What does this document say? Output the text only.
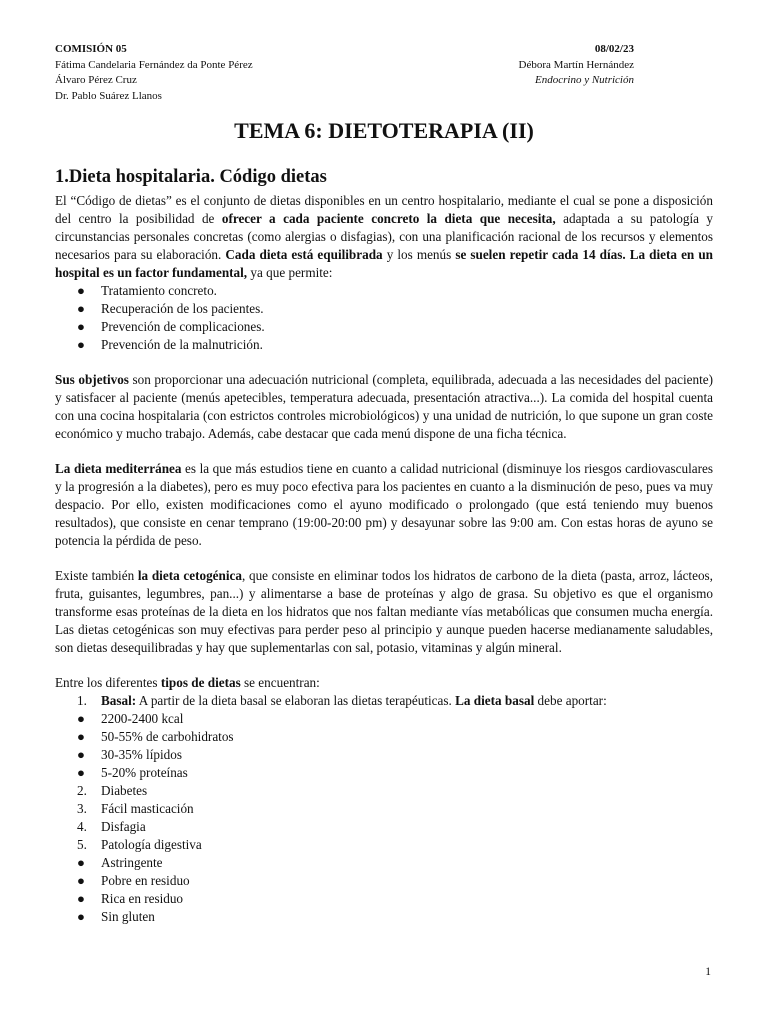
COMISIÓN 05
Fátima Candelaria Fernández da Ponte Pérez
Álvaro Pérez Cruz
Dr. Pablo Suárez Llanos
08/02/23
Débora Martín Hernández
Endocrino y Nutrición
TEMA 6: DIETOTERAPIA (II)
1.Dieta hospitalaria. Código dietas

El “Código de dietas” es el conjunto de dietas disponibles en un centro hospitalario, mediante el cual se pone a disposición del centro la posibilidad de ofrecer a cada paciente concreto la dieta que necesita, adaptada a su patología y circunstancias personales concretas (como alergias o disfagias), con una planificación racional de los recursos y elementos necesarios para su elaboración. Cada dieta está equilibrada y los menús se suelen repetir cada 14 días. La dieta en un hospital es un factor fundamental, ya que permite:

●	Tratamiento concreto.
●	Recuperación de los pacientes.
●	Prevención de complicaciones.
●	Prevención de la malnutrición.

Sus objetivos son proporcionar una adecuación nutricional (completa, equilibrada, adecuada a las necesidades del paciente) y satisfacer al paciente (menús apetecibles, temperatura adecuada, presentación atractiva...). La comida del hospital cuenta con una cocina hospitalaria (con estrictos controles microbiológicos) y una unidad de nutrición, lo que supone un gran coste económico y mucho trabajo. Además, cabe destacar que cada menú dispone de una ficha técnica.

La dieta mediterránea es la que más estudios tiene en cuanto a calidad nutricional (disminuye los riesgos cardiovasculares y la progresión a la diabetes), pero es muy poco efectiva para los pacientes en cuanto a la disminución de peso, pues va muy despacio. Por ello, existen modificaciones como el ayuno modificado o prolongado (que está teniendo muy buenos resultados), que consiste en cenar temprano (19:00-20:00 pm) y desayunar sobre las 9:00 am. Con estas horas de ayuno se potencia la pérdida de peso.

Existe también la dieta cetogénica, que consiste en eliminar todos los hidratos de carbono de la dieta (pasta, arroz, lácteos, fruta, guisantes, legumbres, pan...) y alimentarse a base de proteínas y algo de grasa. Su objetivo es que el organismo transforme esas proteínas de la dieta en los hidratos que nos faltan mediante vías metabólicas que consumen mucha energía. Las dietas cetogénicas son muy efectivas para perder peso al principio y aunque pueden hacerse medianamente saludables, son dietas desequilibradas y hay que suplementarlas con sal, potasio, vitaminas y algún mineral.

Entre los diferentes tipos de dietas se encuentran:

1.	Basal: A partir de la dieta basal se elaboran las dietas terapéuticas. La dieta basal debe aportar:
●	2200-2400 kcal
●	50-55% de carbohidratos
●	30-35% lípidos
●	5-20% proteínas
2.	Diabetes
3.	Fácil masticación
4.	Disfagia
5.	Patología digestiva
●	Astringente
●	Pobre en residuo
●	Rica en residuo
●	Sin gluten
1
